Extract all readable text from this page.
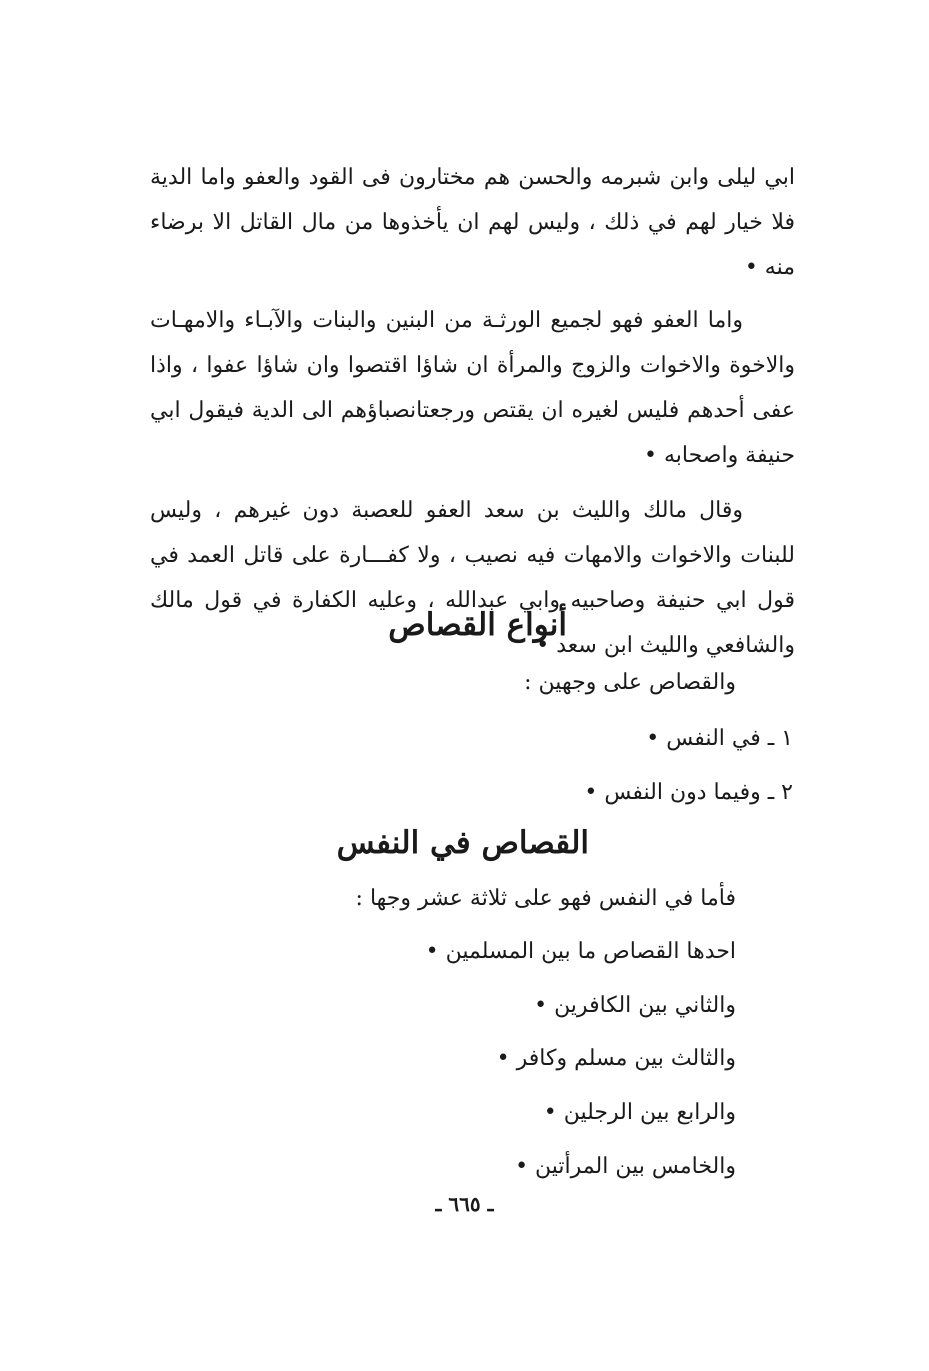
ابي ليلى وابن شبرمه والحسن هم مختارون فى القود والعفو واما الدية فلا خيار لهم في ذلك ، وليس لهم ان يأخذوها من مال القاتل الا برضاء منه •

واما العفو فهو لجميع الورثـة من البنين والبنات والآبـاء والامهـات والاخوة والاخوات والزوج والمرأة ان شاؤا اقتصوا وان شاؤا عفوا ، واذا عفى أحدهم فليس لغيره ان يقتص ورجعتانصباؤهم الى الدية فيقول ابي حنيفة واصحابه •

وقال مالك والليث بن سعد العفو للعصبة دون غيرهم ، وليس للبنات والاخوات والامهات فيه نصيب ، ولا كفـــارة على قاتل العمد في قول ابي حنيفة وصاحبيه وابي عبدالله ، وعليه الكفارة في قول مالك والشافعي والليث ابن سعد •

أنواع القصاص
والقصاص على وجهين :
١ ـ في النفس •
٢ ـ وفيما دون النفس •
القصاص في النفس
فأما في النفس فهو على ثلاثة عشر وجها :
احدها القصاص ما بين المسلمين •
والثاني بين الكافرين •
والثالث بين مسلم وكافر •
والرابع بين الرجلين •
والخامس بين المرأتين •
ـ ٦٦٥ ـ
